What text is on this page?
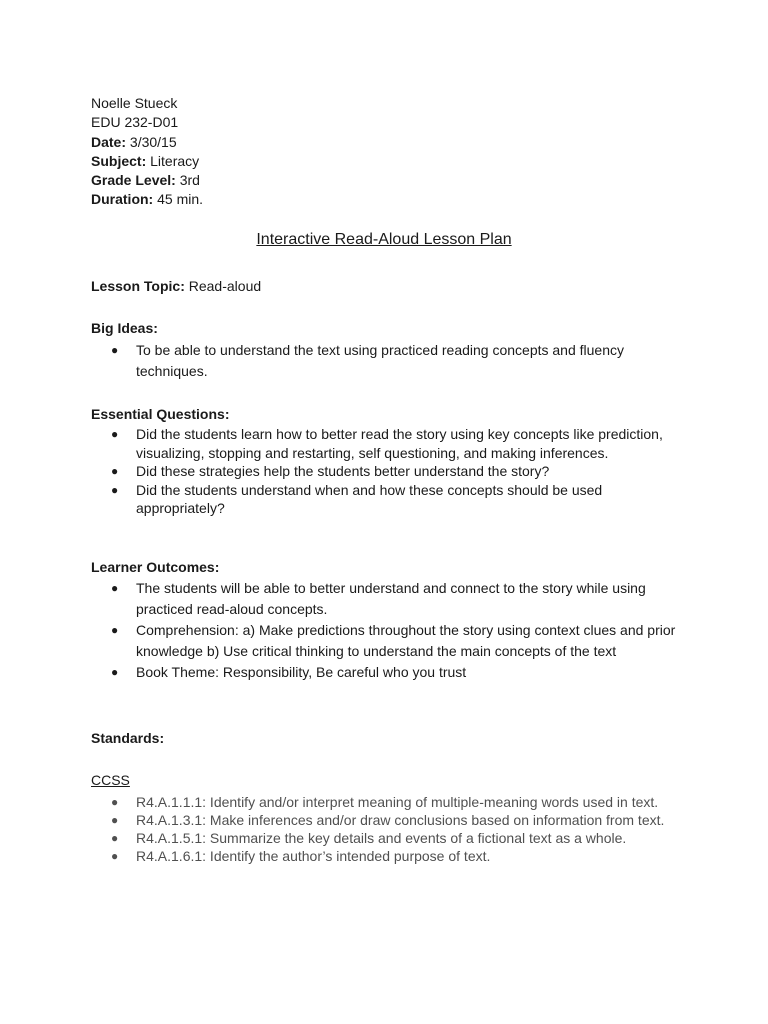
Noelle Stueck
EDU 232-D01
Date: 3/30/15
Subject: Literacy
Grade Level: 3rd
Duration: 45 min.
Interactive Read-Aloud Lesson Plan
Lesson Topic: Read-aloud
Big Ideas:
● To be able to understand the text using practiced reading concepts and fluency techniques.
Essential Questions:
● Did the students learn how to better read the story using key concepts like prediction, visualizing, stopping and restarting, self questioning, and making inferences.
● Did these strategies help the students better understand the story?
● Did the students understand when and how these concepts should be used appropriately?
Learner Outcomes:
● The students will be able to better understand and connect to the story while using practiced read-aloud concepts.
● Comprehension: a) Make predictions throughout the story using context clues and prior knowledge b) Use critical thinking to understand the main concepts of the text
● Book Theme: Responsibility, Be careful who you trust
Standards:
CCSS
● R4.A.1.1.1: Identify and/or interpret meaning of multiple-meaning words used in text.
● R4.A.1.3.1: Make inferences and/or draw conclusions based on information from text.
● R4.A.1.5.1: Summarize the key details and events of a fictional text as a whole.
● R4.A.1.6.1: Identify the author’s intended purpose of text.
